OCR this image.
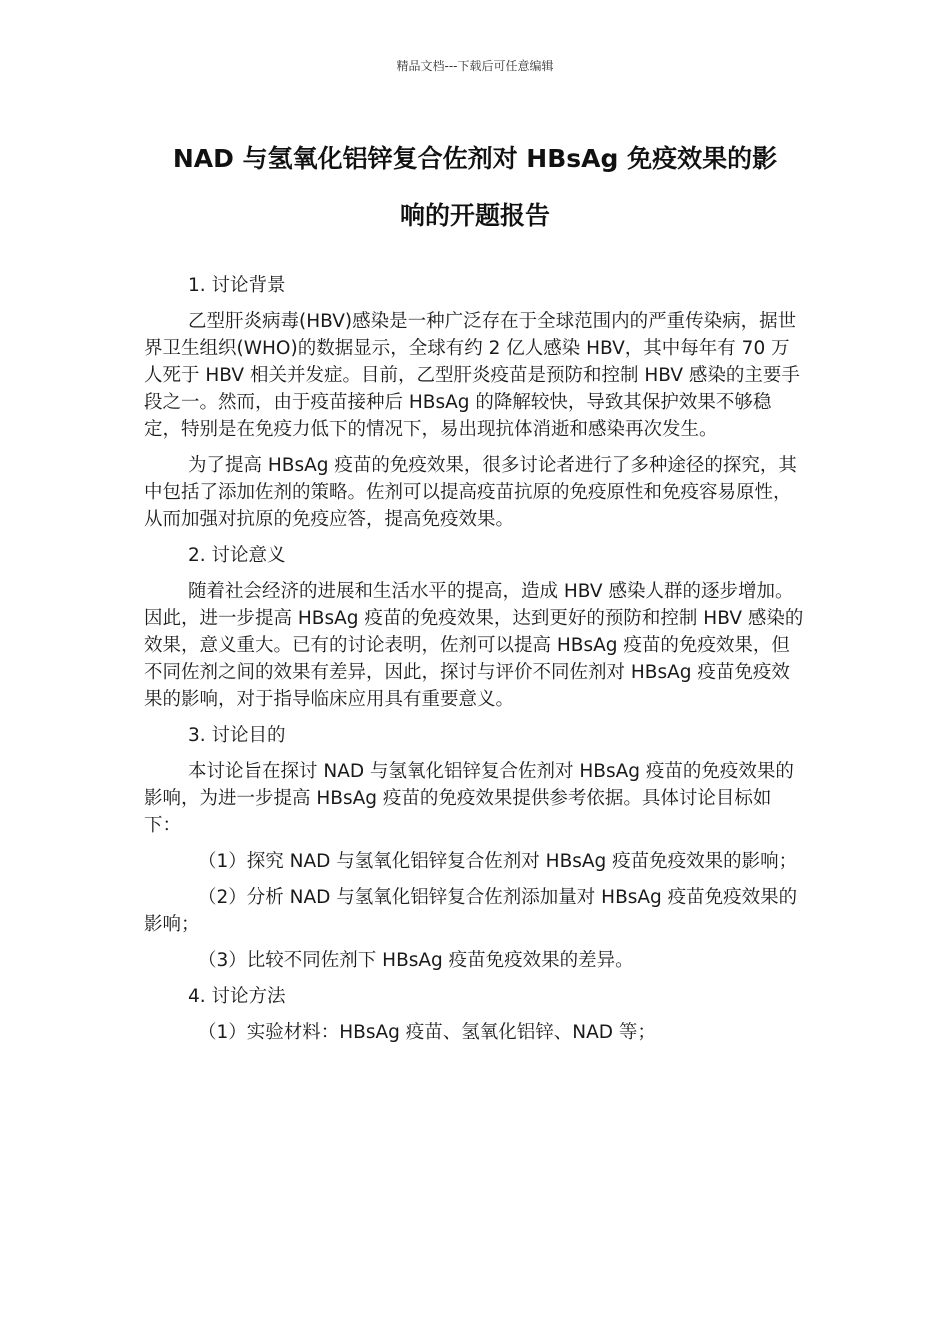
精品文档---下载后可任意编辑
NAD 与氢氧化铝锌复合佐剂对 HBsAg 免疫效果的影
响的开题报告

1. 讨论背景

乙型肝炎病毒(HBV)感染是一种广泛存在于全球范围内的严重传染病，据世界卫生组织(WHO)的数据显示，全球有约 2 亿人感染 HBV，其中每年有 70 万人死于 HBV 相关并发症。目前，乙型肝炎疫苗是预防和控制 HBV 感染的主要手段之一。然而，由于疫苗接种后 HBsAg 的降解较快，导致其保护效果不够稳定，特别是在免疫力低下的情况下，易出现抗体消逝和感染再次发生。

为了提高 HBsAg 疫苗的免疫效果，很多讨论者进行了多种途径的探究，其中包括了添加佐剂的策略。佐剂可以提高疫苗抗原的免疫原性和免疫容易原性，从而加强对抗原的免疫应答，提高免疫效果。

2. 讨论意义

随着社会经济的进展和生活水平的提高，造成 HBV 感染人群的逐步增加。因此，进一步提高 HBsAg 疫苗的免疫效果，达到更好的预防和控制 HBV 感染的效果，意义重大。已有的讨论表明，佐剂可以提高 HBsAg 疫苗的免疫效果，但不同佐剂之间的效果有差异，因此，探讨与评价不同佐剂对 HBsAg 疫苗免疫效果的影响，对于指导临床应用具有重要意义。

3. 讨论目的

本讨论旨在探讨 NAD 与氢氧化铝锌复合佐剂对 HBsAg 疫苗的免疫效果的影响，为进一步提高 HBsAg 疫苗的免疫效果提供参考依据。具体讨论目标如下：

（1）探究 NAD 与氢氧化铝锌复合佐剂对 HBsAg 疫苗免疫效果的影响；

（2）分析 NAD 与氢氧化铝锌复合佐剂添加量对 HBsAg 疫苗免疫效果的影响；

（3）比较不同佐剂下 HBsAg 疫苗免疫效果的差异。

4. 讨论方法

（1）实验材料：HBsAg 疫苗、氢氧化铝锌、NAD 等；
